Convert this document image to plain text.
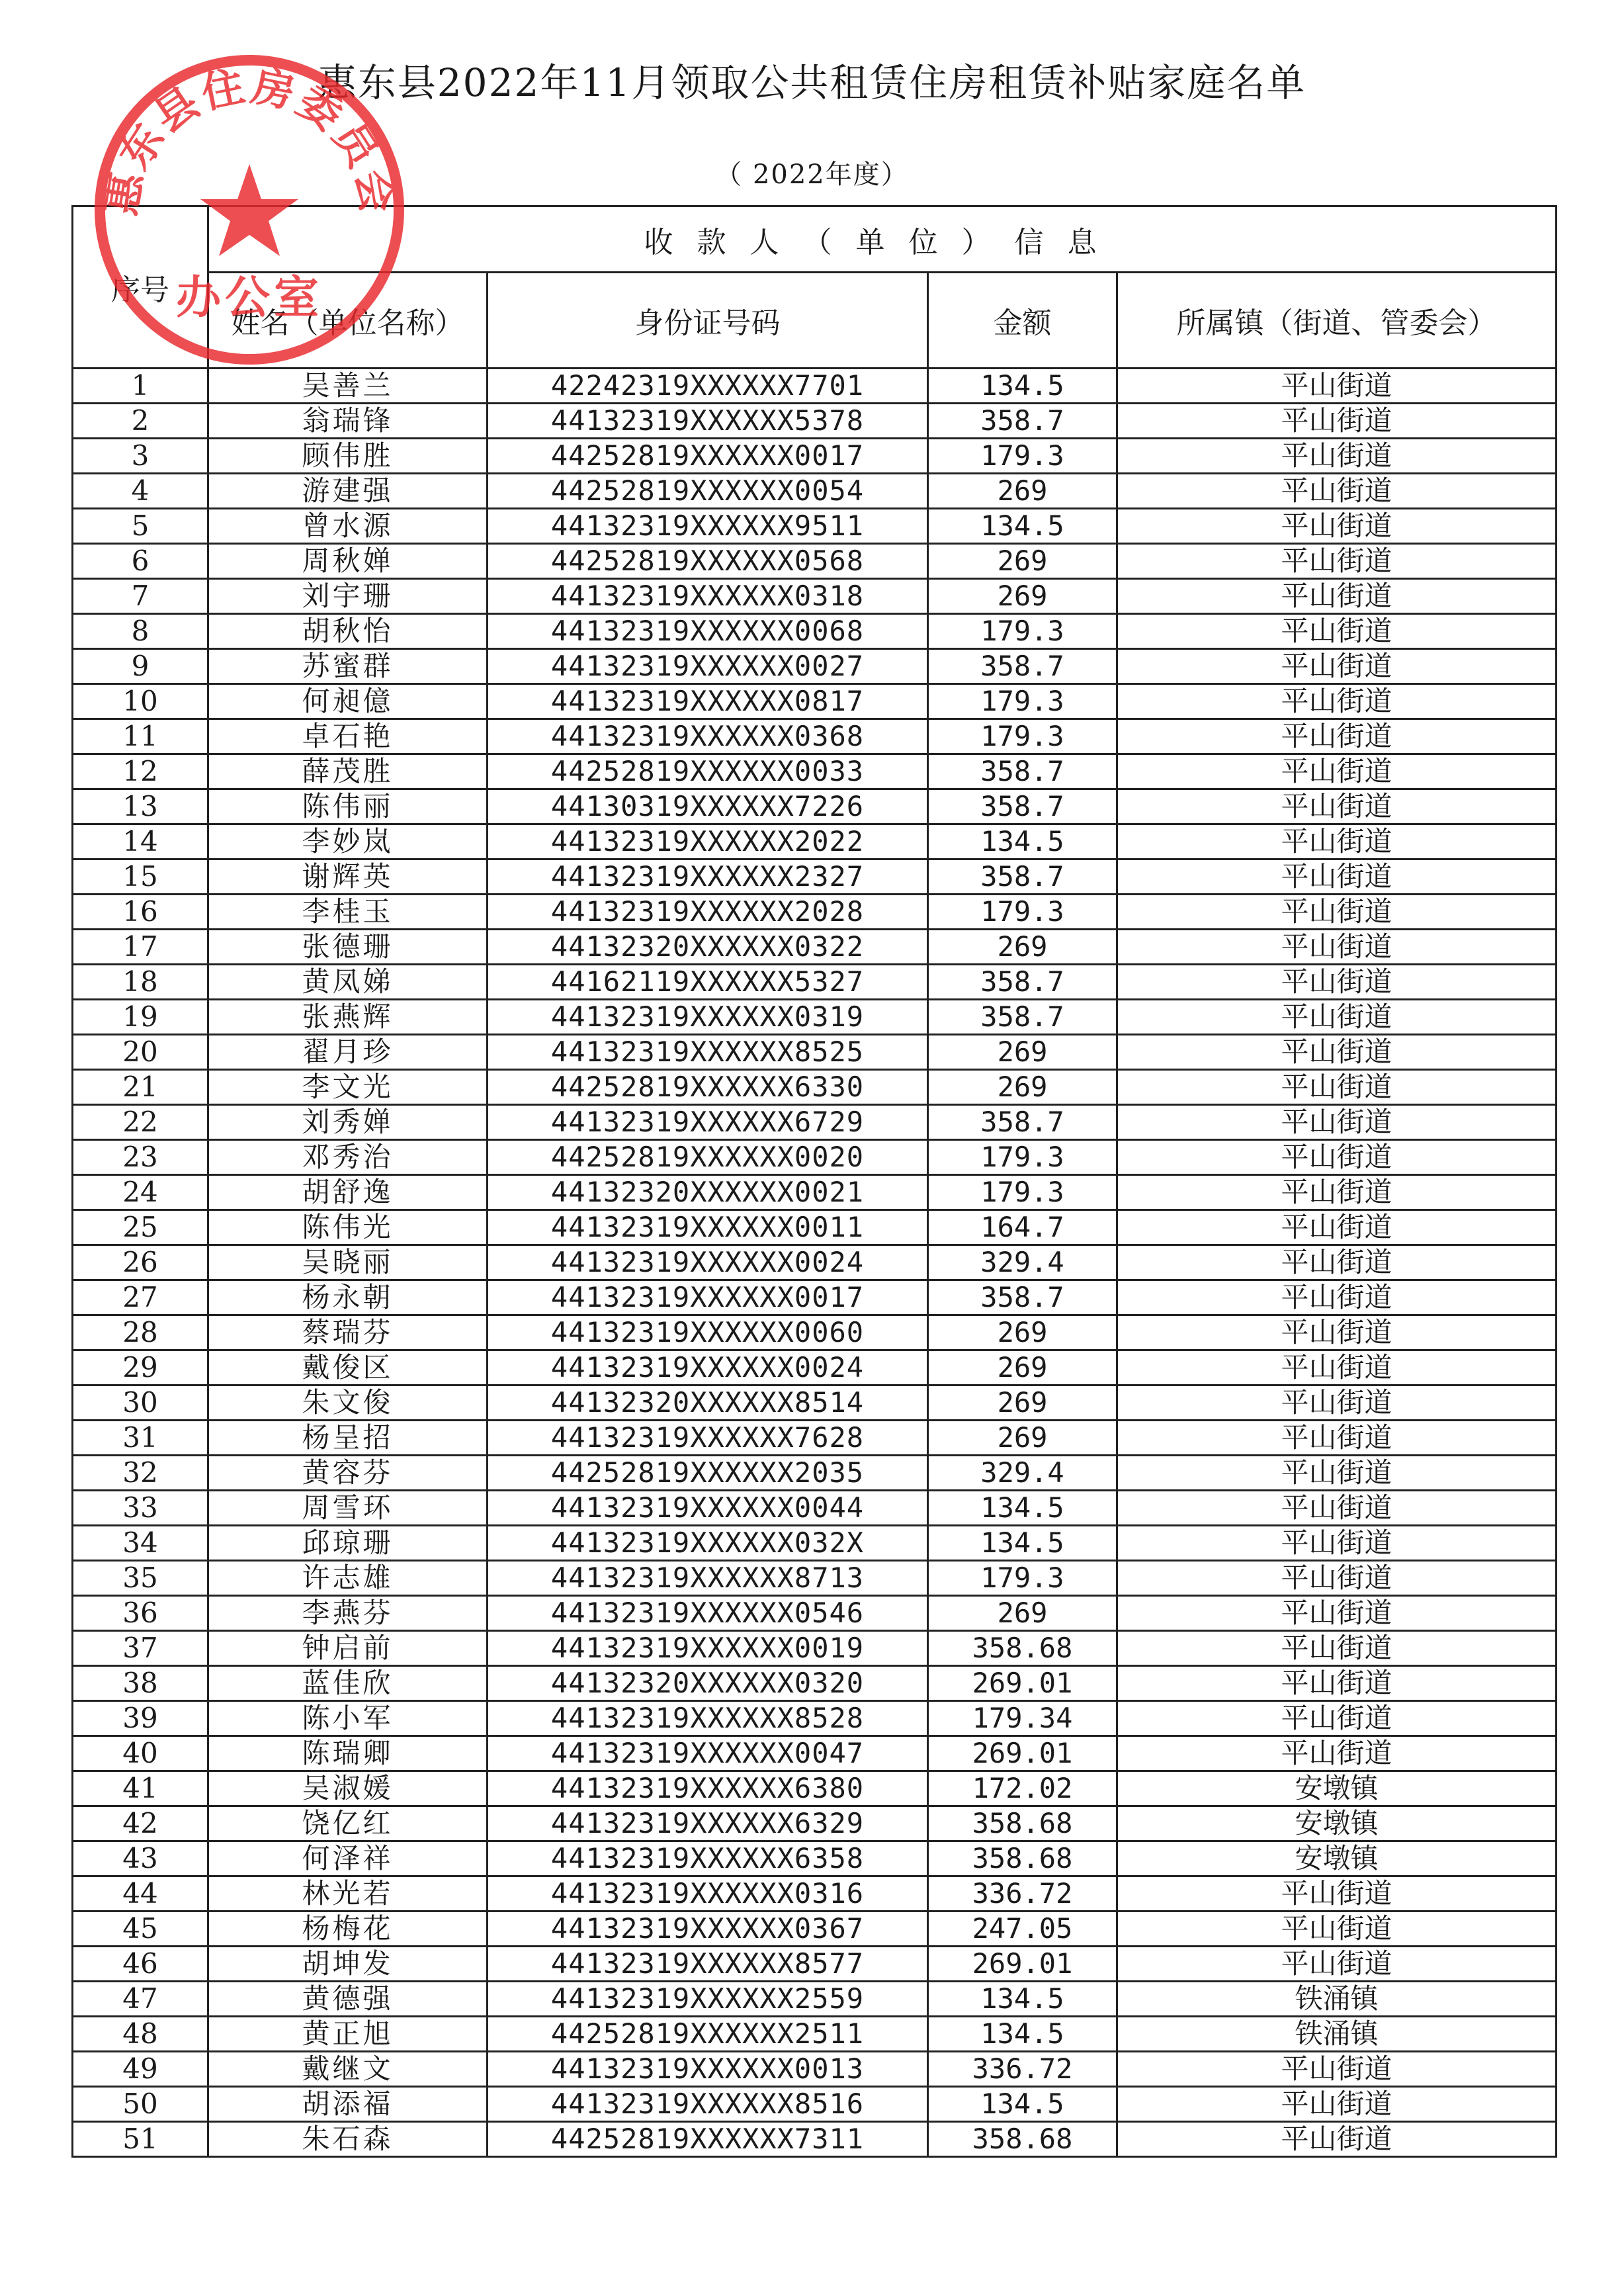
惠东县2022年11月领取公共租赁住房租赁补贴家庭名单
（ 2022年度）
序号	收款人（单位）信息			
	姓名（单位名称）	身份证号码	金额	所属镇（街道、管委会）
1	吴善兰	42242319XXXXXX7701	134.5	平山街道
2	翁瑞锋	44132319XXXXXX5378	358.7	平山街道
3	顾伟胜	44252819XXXXXX0017	179.3	平山街道
4	游建强	44252819XXXXXX0054	269	平山街道
5	曾水源	44132319XXXXXX9511	134.5	平山街道
6	周秋婵	44252819XXXXXX0568	269	平山街道
7	刘宇珊	44132319XXXXXX0318	269	平山街道
8	胡秋怡	44132319XXXXXX0068	179.3	平山街道
9	苏蜜群	44132319XXXXXX0027	358.7	平山街道
10	何昶億	44132319XXXXXX0817	179.3	平山街道
11	卓石艳	44132319XXXXXX0368	179.3	平山街道
12	薛茂胜	44252819XXXXXX0033	358.7	平山街道
13	陈伟丽	44130319XXXXXX7226	358.7	平山街道
14	李妙岚	44132319XXXXXX2022	134.5	平山街道
15	谢辉英	44132319XXXXXX2327	358.7	平山街道
16	李桂玉	44132319XXXXXX2028	179.3	平山街道
17	张德珊	44132320XXXXXX0322	269	平山街道
18	黄凤娣	44162119XXXXXX5327	358.7	平山街道
19	张燕辉	44132319XXXXXX0319	358.7	平山街道
20	翟月珍	44132319XXXXXX8525	269	平山街道
21	李文光	44252819XXXXXX6330	269	平山街道
22	刘秀婵	44132319XXXXXX6729	358.7	平山街道
23	邓秀治	44252819XXXXXX0020	179.3	平山街道
24	胡舒逸	44132320XXXXXX0021	179.3	平山街道
25	陈伟光	44132319XXXXXX0011	164.7	平山街道
26	吴晓丽	44132319XXXXXX0024	329.4	平山街道
27	杨永朝	44132319XXXXXX0017	358.7	平山街道
28	蔡瑞芬	44132319XXXXXX0060	269	平山街道
29	戴俊区	44132319XXXXXX0024	269	平山街道
30	朱文俊	44132320XXXXXX8514	269	平山街道
31	杨呈招	44132319XXXXXX7628	269	平山街道
32	黄容芬	44252819XXXXXX2035	329.4	平山街道
33	周雪环	44132319XXXXXX0044	134.5	平山街道
34	邱琼珊	44132319XXXXXX032X	134.5	平山街道
35	许志雄	44132319XXXXXX8713	179.3	平山街道
36	李燕芬	44132319XXXXXX0546	269	平山街道
37	钟启前	44132319XXXXXX0019	358.68	平山街道
38	蓝佳欣	44132320XXXXXX0320	269.01	平山街道
39	陈小军	44132319XXXXXX8528	179.34	平山街道
40	陈瑞卿	44132319XXXXXX0047	269.01	平山街道
41	吴淑媛	44132319XXXXXX6380	172.02	安墩镇
42	饶亿红	44132319XXXXXX6329	358.68	安墩镇
43	何泽祥	44132319XXXXXX6358	358.68	安墩镇
44	林光若	44132319XXXXXX0316	336.72	平山街道
45	杨梅花	44132319XXXXXX0367	247.05	平山街道
46	胡坤发	44132319XXXXXX8577	269.01	平山街道
47	黄德强	44132319XXXXXX2559	134.5	铁涌镇
48	黄正旭	44252819XXXXXX2511	134.5	铁涌镇
49	戴继文	44132319XXXXXX0013	336.72	平山街道
50	胡添福	44132319XXXXXX8516	134.5	平山街道
51	朱石森	44252819XXXXXX7311	358.68	平山街道
惠东县住房委员会
办公室
